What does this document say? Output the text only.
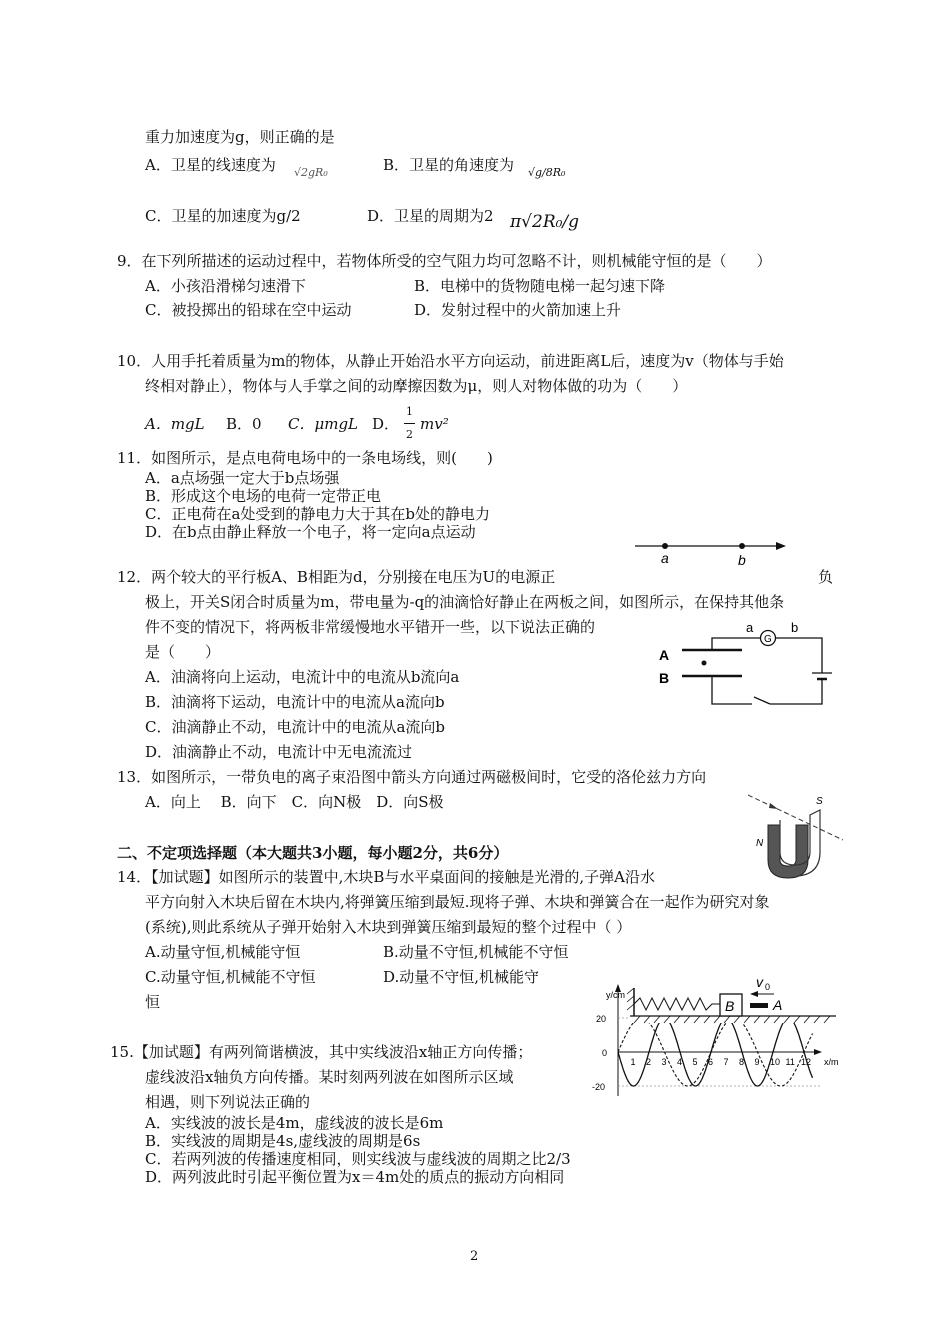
重力加速度为g，则正确的是
A．卫星的线速度为 √2gR₀	B．卫星的角速度为 √g/8R₀
C．卫星的加速度为g/2	D．卫星的周期为2 π√2R₀/g
9．在下列所描述的运动过程中，若物体所受的空气阻力均可忽略不计，则机械能守恒的是（　　）
A．小孩沿滑梯匀速滑下	B．电梯中的货物随电梯一起匀速下降
C．被投掷出的铅球在空中运动	D．发射过程中的火箭加速上升
10．人用手托着质量为m的物体，从静止开始沿水平方向运动，前进距离L后，速度为v（物体与手始
终相对静止），物体与人手掌之间的动摩擦因数为μ，则人对物体做的功为（　　）
A．mgL B．0 C．μmgL D．
1
2
mv²
11．如图所示，是点电荷电场中的一条电场线，则(　　)
A．a点场强一定大于b点场强
B．形成这个电场的电荷一定带正电
C．正电荷在a处受到的静电力大于其在b处的静电力
D．在b点由静止释放一个电子，将一定向a点运动
a	b
12．两个较大的平行板A、B相距为d，分别接在电压为U的电源正	负
极上，开关S闭合时质量为m，带电量为-q的油滴恰好静止在两板之间，如图所示，在保持其他条
件不变的情况下，将两板非常缓慢地水平错开一些，以下说法正确的
是（　　）
A．油滴将向上运动，电流计中的电流从b流向a
B．油滴将下运动，电流计中的电流从a流向b
C．油滴静止不动，电流计中的电流从a流向b
D．油滴静止不动，电流计中无电流流过
G
A
B
a	b
13．如图所示，一带负电的离子束沿图中箭头方向通过两磁极间时，它受的洛伦兹力方向
A．向上　 B．向下　C．向N极　D．向S极
N
S
二、不定项选择题（本大题共3小题，每小题2分，共6分）
14．【加试题】如图所示的装置中,木块B与水平桌面间的接触是光滑的,子弹A沿水
平方向射入木块后留在木块内,将弹簧压缩到最短.现将子弹、木块和弹簧合在一起作为研究对象
(系统),则此系统从子弹开始射入木块到弹簧压缩到最短的整个过程中（ ）
A.动量守恒,机械能守恒	B.动量不守恒,机械能不守恒
C.动量守恒,机械能不守恒	D.动量不守恒,机械能守
恒	y/cm
20
0
-20
x/m
1 2 3 4 5 6 7 8 9 10 11 12
B	A
v 0
15.【加试题】有两列简谐横波，其中实线波沿x轴正方向传播；
虚线波沿x轴负方向传播。某时刻两列波在如图所示区域
相遇，则下列说法正确的
A．实线波的波长是4m，虚线波的波长是6m
B．实线波的周期是4s,虚线波的周期是6s
C．若两列波的传播速度相同，则实线波与虚线波的周期之比2/3
D．两列波此时引起平衡位置为x＝4m处的质点的振动方向相同
2
